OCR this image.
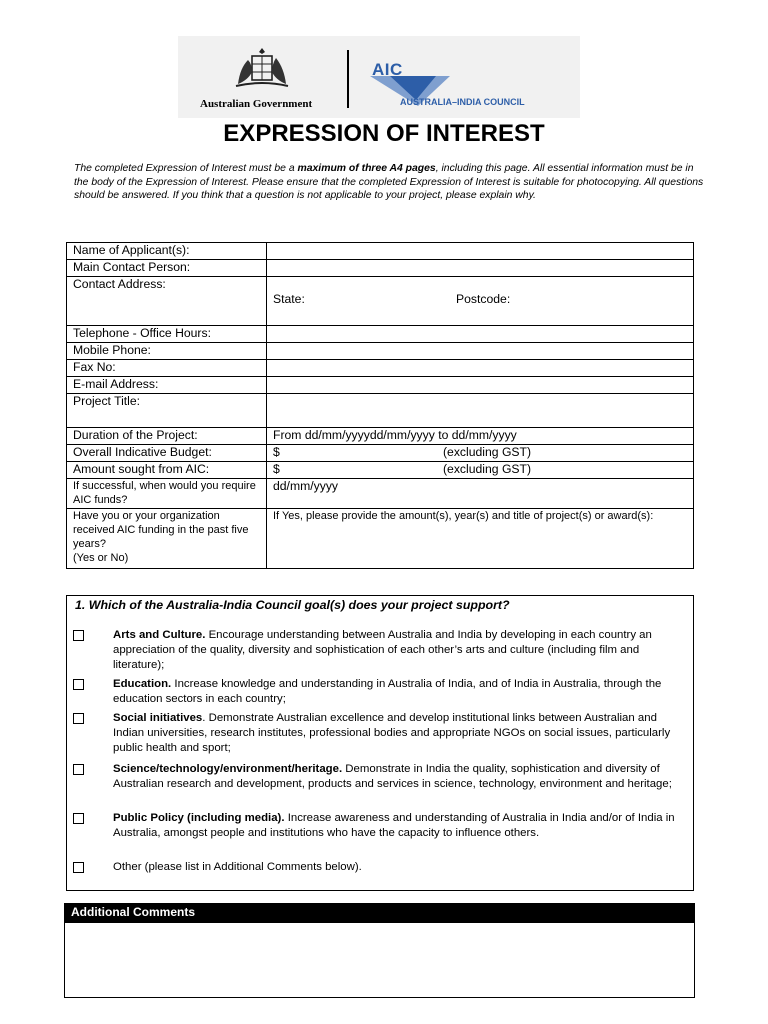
Australian Government
AIC
AUSTRALIA–INDIA COUNCIL
EXPRESSION OF INTEREST
The completed Expression of Interest must be a maximum of three A4 pages, including this page. All essential information must be in the body of the Expression of Interest. Please ensure that the completed Expression of Interest is suitable for photocopying. All questions should be answered. If you think that a question is not applicable to your project, please explain why.
Name of Applicant(s):	
Main Contact Person:	
Contact Address:	State: Postcode:

Telephone - Office Hours:	
Mobile Phone:	
Fax No:	
E-mail Address:	
Project Title:	
Duration of the Project:	From dd/mm/yyyydd/mm/yyyy to dd/mm/yyyy
Overall Indicative Budget:	$ (excluding GST)

Amount sought from AIC:	$ (excluding GST)

If successful, when would you require AIC funds?	dd/mm/yyyy

Have you or your organization received AIC funding in the past five years?
(Yes or No)	If Yes, please provide the amount(s), year(s) and title of project(s) or award(s):
1. Which of the Australia-India Council goal(s) does your project support?
Arts and Culture. Encourage understanding between Australia and India by developing in each country an appreciation of the quality, diversity and sophistication of each other’s arts and culture (including film and literature);
Education. Increase knowledge and understanding in Australia of India, and of India in Australia, through the education sectors in each country;
Social initiatives. Demonstrate Australian excellence and develop institutional links between Australian and Indian universities, research institutes, professional bodies and appropriate NGOs on social issues, particularly public health and sport;
Science/technology/environment/heritage. Demonstrate in India the quality, sophistication and diversity of Australian research and development, products and services in science, technology, environment and heritage;
Public Policy (including media). Increase awareness and understanding of Australia in India and/or of India in Australia, amongst people and institutions who have the capacity to influence others.
Other (please list in Additional Comments below).
Additional Comments
